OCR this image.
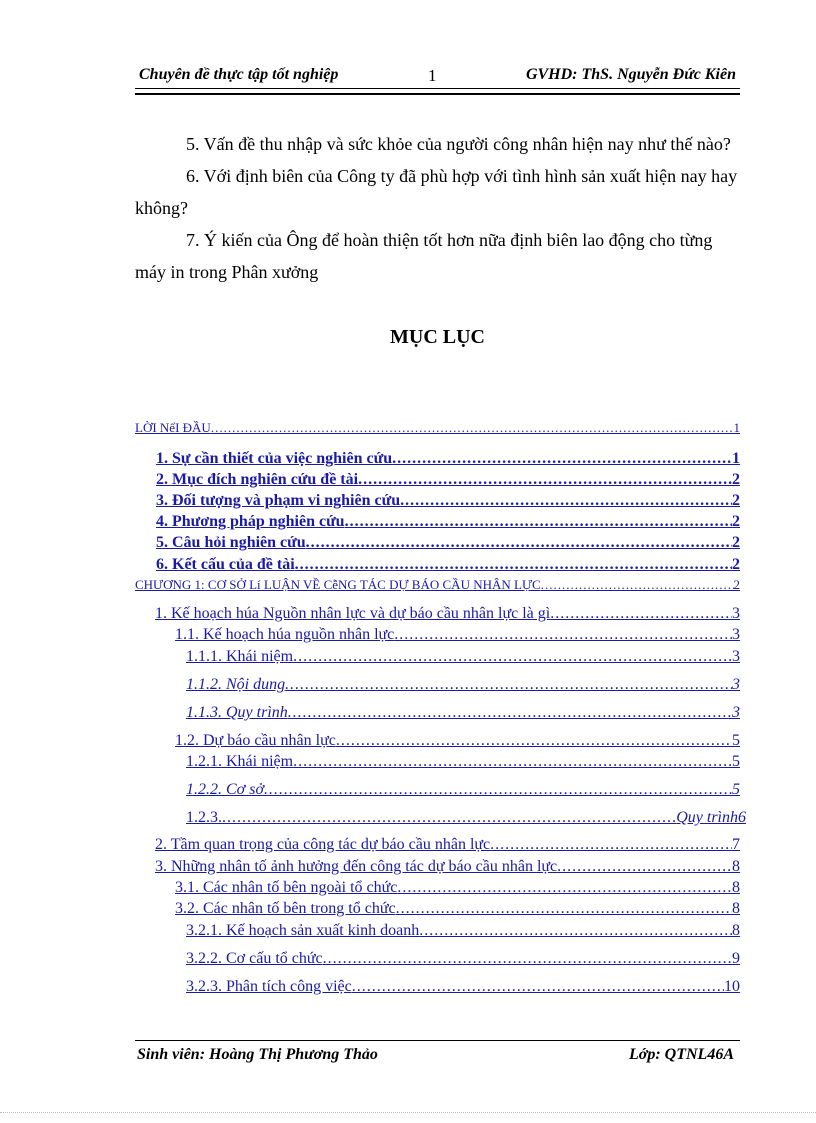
Chuyên đề thực tập tốt nghiệp	1	GVHD: ThS. Nguyễn Đức Kiên

5. Vấn đề thu nhập và sức khỏe của người công nhân hiện nay như thế nào?

6. Với định biên của Công ty đã phù hợp với tình hình sản xuất hiện nay hay không?

7. Ý kiến của Ông để hoàn thiện tốt hơn nữa định biên lao động cho từng máy in trong Phân xưởng

MỤC LỤC
LỜI NểI ĐẦU .....	1
1. Sự cần thiết của việc nghiên cứu .....	1
2. Mục đích nghiên cứu đề tài .....	2
3. Đối tượng và phạm vi nghiên cứu .....	2
4. Phương pháp nghiên cứu .....	2
5. Câu hỏi nghiên cứu .....	2
6. Kết cấu của đề tài .....	2
CHƯƠNG 1: CƠ SỞ Lí LUẬN VỀ CễNG TÁC DỰ BÁO CẦU NHÂN LỰC .....	2
1. Kế hoạch húa Nguồn nhân lực và dự báo cầu nhân lực là gì .....	3
1.1. Kế hoạch húa nguồn nhân lực .....	3
1.1.1. Khái niệm .....	3
1.1.2. Nội dung .....	3
1.1.3. Quy trình .....	3
1.2. Dự báo cầu nhân lực .....	5
1.2.1. Khái niệm .....	5
1.2.2. Cơ sở .....	5
1.2.3. .....	Quy trình6
2. Tầm quan trọng của công tác dự báo cầu nhân lực .....	7
3. Những nhân tố ảnh hưởng đến công tác dự báo cầu nhân lực .....	8
3.1. Các nhân tố bên ngoài tổ chức .....	8
3.2. Các nhân tố bên trong tổ chức .....	8
3.2.1. Kế hoạch sản xuất kinh doanh .....	8
3.2.2. Cơ cấu tổ chức .....	9
3.2.3. Phân tích công việc .....	10
Sinh viên: Hoàng Thị Phương Thảo	Lớp: QTNL46A
